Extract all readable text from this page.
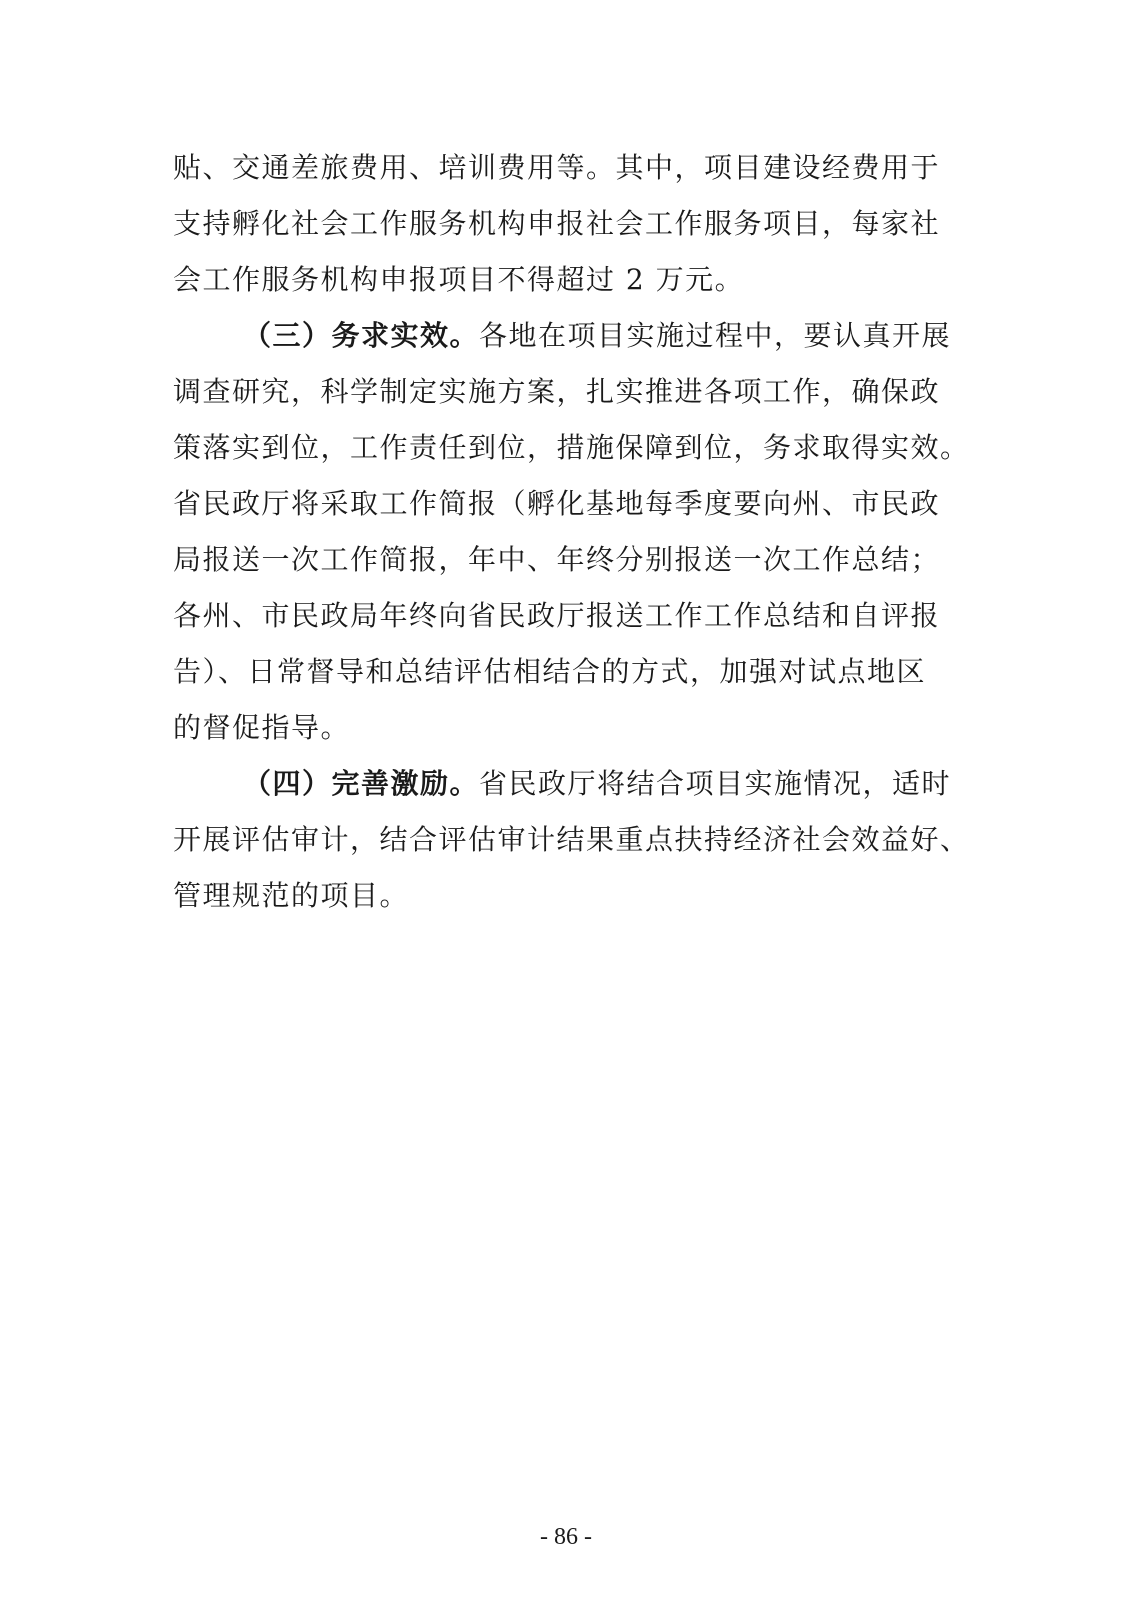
贴、交通差旅费用、培训费用等。其中，项目建设经费用于
支持孵化社会工作服务机构申报社会工作服务项目，每家社
会工作服务机构申报项目不得超过 2 万元。
（三）务求实效。各地在项目实施过程中，要认真开展
调查研究，科学制定实施方案，扎实推进各项工作，确保政
策落实到位，工作责任到位，措施保障到位，务求取得实效。
省民政厅将采取工作简报（孵化基地每季度要向州、市民政
局报送一次工作简报，年中、年终分别报送一次工作总结；
各州、市民政局年终向省民政厅报送工作工作总结和自评报
告）、日常督导和总结评估相结合的方式，加强对试点地区
的督促指导。
（四）完善激励。省民政厅将结合项目实施情况，适时
开展评估审计，结合评估审计结果重点扶持经济社会效益好、
管理规范的项目。
- 86 -
